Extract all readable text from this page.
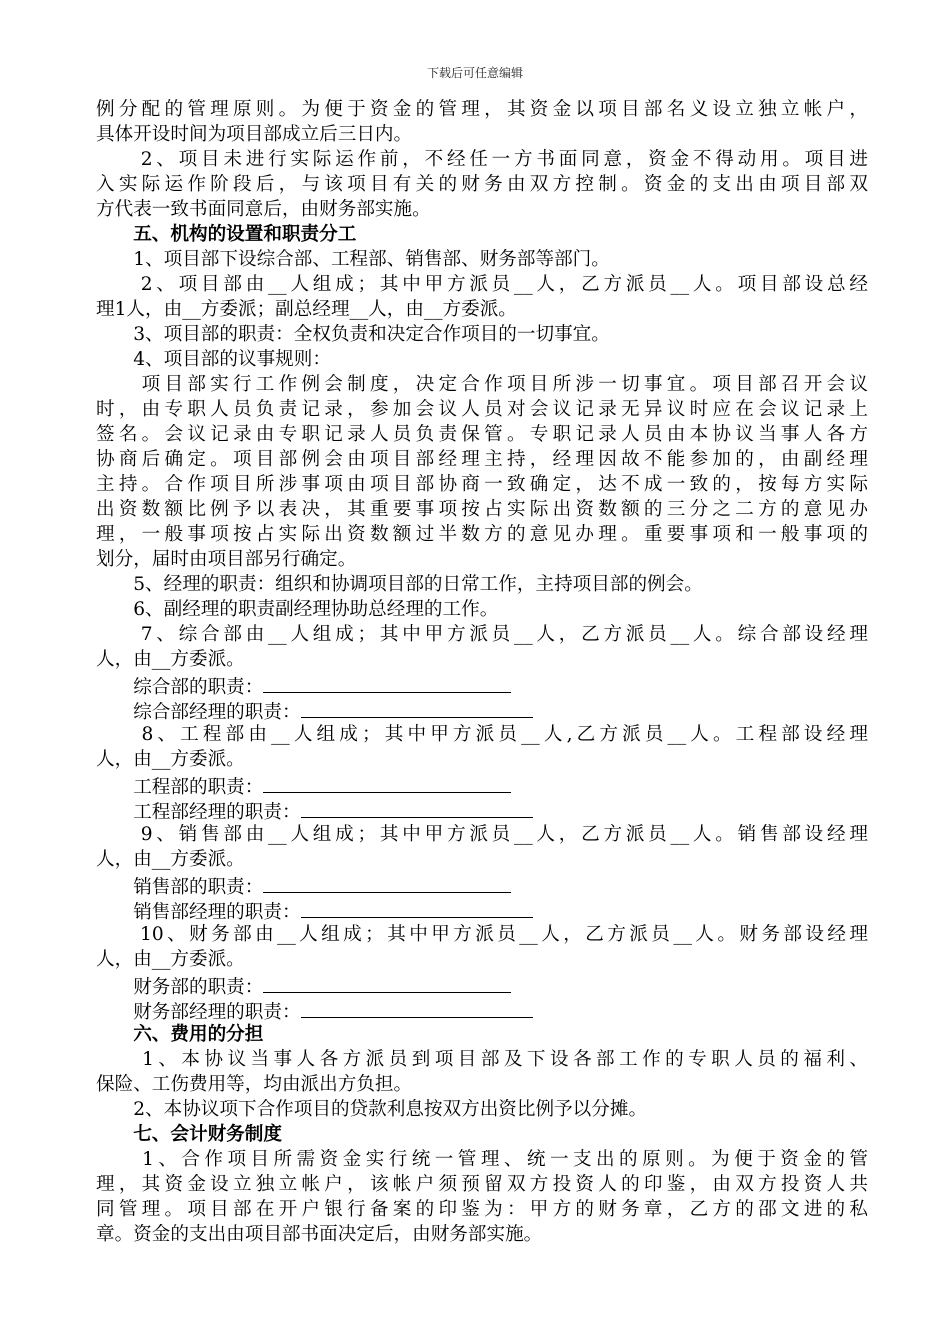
下载后可任意编辑
例分配的管理原则。为便于资金的管理，其资金以项目部名义设立独立帐户，
具体开设时间为项目部成立后三日内。
　　2、项目未进行实际运作前，不经任一方书面同意，资金不得动用。项目进
入实际运作阶段后，与该项目有关的财务由双方控制。资金的支出由项目部双
方代表一致书面同意后，由财务部实施。
　　五、机构的设置和职责分工
　　1、项目部下设综合部、工程部、销售部、财务部等部门。
　　2、项目部由__人组成；其中甲方派员__人，乙方派员__人。项目部设总经
理1人，由__方委派；副总经理__人，由__方委派。
　　3、项目部的职责：全权负责和决定合作项目的一切事宜。
　　4、项目部的议事规则：
　　项目部实行工作例会制度，决定合作项目所涉一切事宜。项目部召开会议
时，由专职人员负责记录，参加会议人员对会议记录无异议时应在会议记录上
签名。会议记录由专职记录人员负责保管。专职记录人员由本协议当事人各方
协商后确定。项目部例会由项目部经理主持，经理因故不能参加的，由副经理
主持。合作项目所涉事项由项目部协商一致确定，达不成一致的，按每方实际
出资数额比例予以表决，其重要事项按占实际出资数额的三分之二方的意见办
理，一般事项按占实际出资数额过半数方的意见办理。重要事项和一般事项的
划分，届时由项目部另行确定。
　　5、经理的职责：组织和协调项目部的日常工作，主持项目部的例会。
　　6、副经理的职责副经理协助总经理的工作。
　　7、综合部由__人组成；其中甲方派员__人，乙方派员__人。综合部设经理
人，由__方委派。
　　综合部的职责：
　　综合部经理的职责：
　　8、工程部由__人组成；其中甲方派员__人,乙方派员__人。工程部设经理
人，由__方委派。
　　工程部的职责：
　　工程部经理的职责：
　　9、销售部由__人组成；其中甲方派员__人，乙方派员__人。销售部设经理
人，由__方委派。
　　销售部的职责：
　　销售部经理的职责：
　　10、财务部由__人组成；其中甲方派员__人，乙方派员__人。财务部设经理
人，由__方委派。
　　财务部的职责：
　　财务部经理的职责：
　　六、费用的分担
　　1、本协议当事人各方派员到项目部及下设各部工作的专职人员的福利、
保险、工伤费用等，均由派出方负担。
　　2、本协议项下合作项目的贷款利息按双方出资比例予以分摊。
　　七、会计财务制度
　　1、合作项目所需资金实行统一管理、统一支出的原则。为便于资金的管
理，其资金设立独立帐户，该帐户须预留双方投资人的印鉴，由双方投资人共
同管理。项目部在开户银行备案的印鉴为：甲方的财务章，乙方的邵文进的私
章。资金的支出由项目部书面决定后，由财务部实施。
